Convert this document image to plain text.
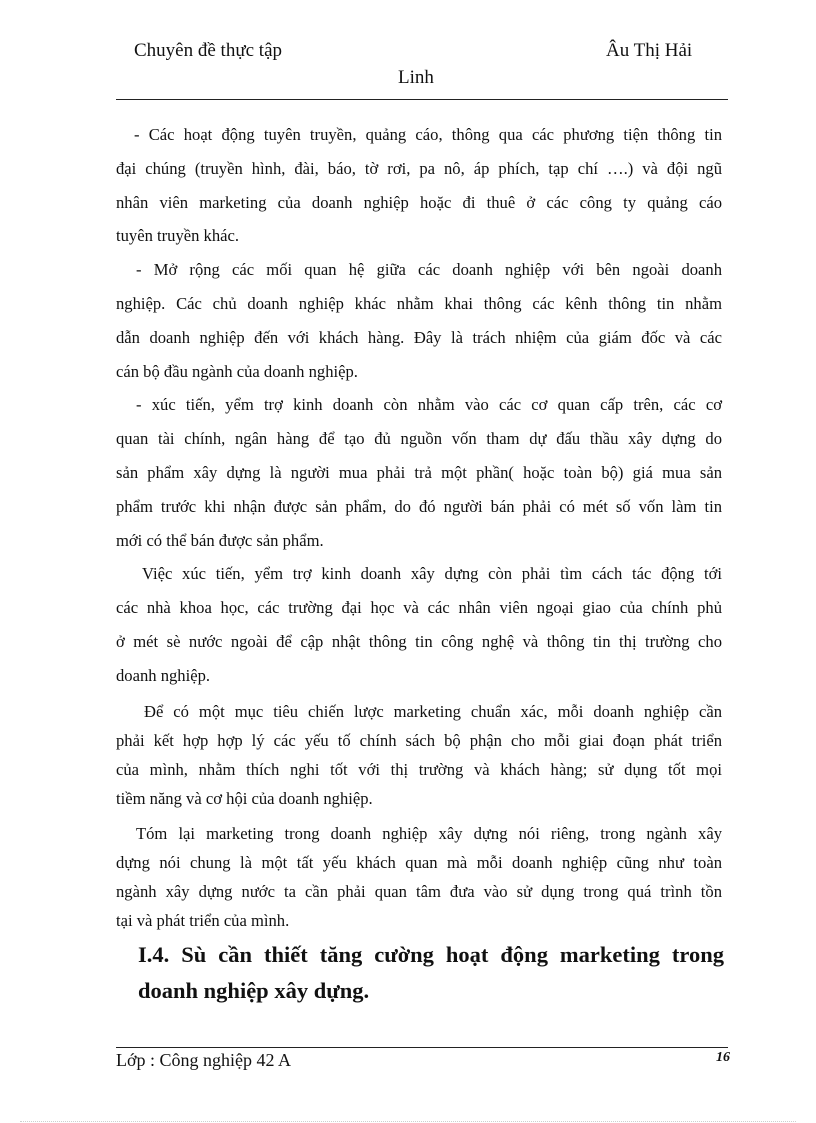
Chuyên đề thực tập	Âu Thị Hải
Linh

- Các hoạt động tuyên truyền, quảng cáo, thông qua các phương tiện thông tin
đại chúng (truyền hình, đài, báo, tờ rơi, pa nô, áp phích, tạp chí ….) và đội ngũ
nhân viên marketing của doanh nghiệp hoặc đi thuê ở các công ty quảng cáo
tuyên truyền khác.

- Mở rộng các mối quan hệ giữa các doanh nghiệp với bên ngoài doanh
nghiệp. Các chủ doanh nghiệp khác nhằm khai thông các kênh thông tin nhằm
dẫn doanh nghiệp đến với khách hàng. Đây là trách nhiệm của giám đốc và các
cán bộ đầu ngành của doanh nghiệp.

- xúc tiến, yểm trợ kinh doanh còn nhằm vào các cơ quan cấp trên, các cơ
quan tài chính, ngân hàng để tạo đủ nguồn vốn tham dự đấu thầu xây dựng do
sản phẩm xây dựng là người mua phải trả một phần( hoặc toàn bộ) giá mua sản
phẩm trước khi nhận được sản phẩm, do đó người bán phải có mét số vốn làm tin
mới có thể bán được sản phẩm.

Việc xúc tiến, yểm trợ kinh doanh xây dựng còn phải tìm cách tác động tới
các nhà khoa học, các trường đại học và các nhân viên ngoại giao của chính phủ
ở mét sè nước ngoài để cập nhật thông tin công nghệ và thông tin thị trường cho
doanh nghiệp.

Để có một mục tiêu chiến lược marketing chuẩn xác, mỗi doanh nghiệp cần
phải kết hợp hợp lý các yếu tố chính sách bộ phận cho mỗi giai đoạn phát triển
của mình, nhằm thích nghi tốt với thị trường và khách hàng; sử dụng tốt mọi
tiềm năng và cơ hội của doanh nghiệp.

Tóm lại marketing trong doanh nghiệp xây dựng nói riêng, trong ngành xây
dựng nói chung là một tất yếu khách quan mà mỗi doanh nghiệp cũng như toàn
ngành xây dựng nước ta cần phải quan tâm đưa vào sử dụng trong quá trình tồn
tại và phát triển của mình.

I.4. Sù cần thiết tăng cường hoạt động marketing trong
doanh nghiệp xây dựng.
Lớp : Công nghiệp 42 A	16
